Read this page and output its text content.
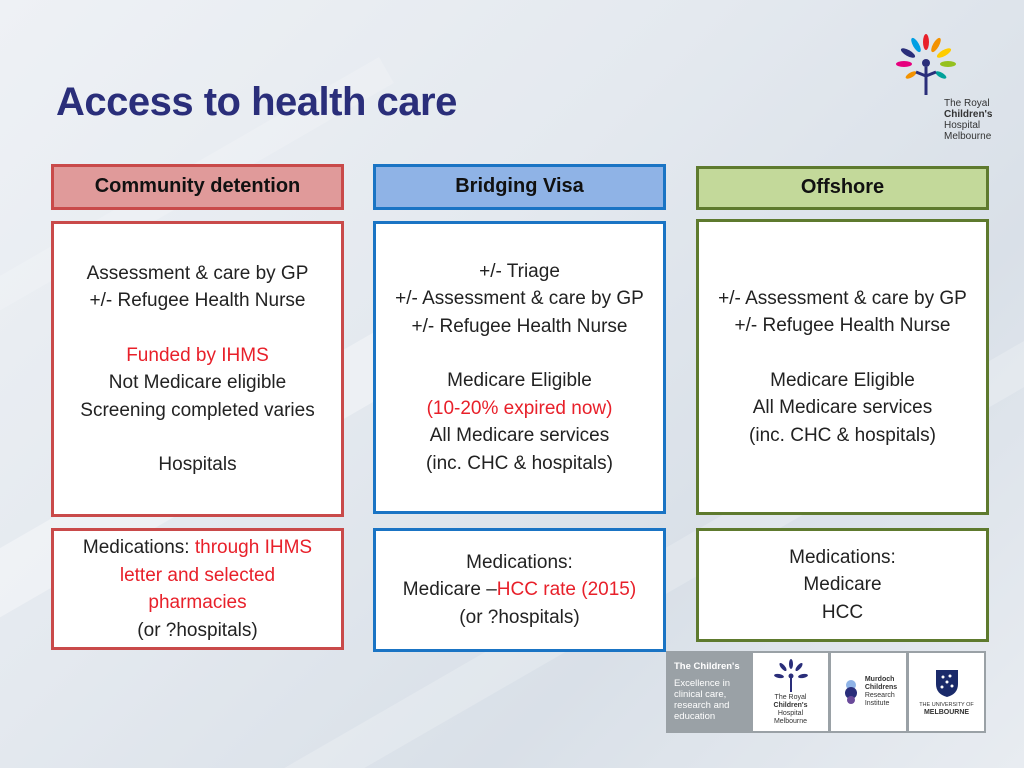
Access to health care	The Royal
Children's
Hospital
Melbourne
Community detention
Assessment & care by GP
+/- Refugee Health Nurse
Funded by IHMS
Not Medicare eligible
Screening completed varies
Hospitals
Medications: through IHMS
letter and selected
pharmacies
(or ?hospitals)
Bridging Visa
+/- Triage
+/- Assessment & care by GP
+/- Refugee Health Nurse
Medicare Eligible
(10-20% expired now)
All Medicare services
(inc. CHC & hospitals)
Medications:
Medicare –HCC rate (2015)
(or ?hospitals)
Offshore
+/- Assessment & care by GP
+/- Refugee Health Nurse
Medicare Eligible
All Medicare services
(inc. CHC & hospitals)
Medications:
Medicare
HCC
The Children's
Excellence in
clinical care,
research and
education
The Royal
Children's
Hospital
Melbourne
Murdoch
Childrens
Research
Institute	THE UNIVERSITY OF
MELBOURNE
